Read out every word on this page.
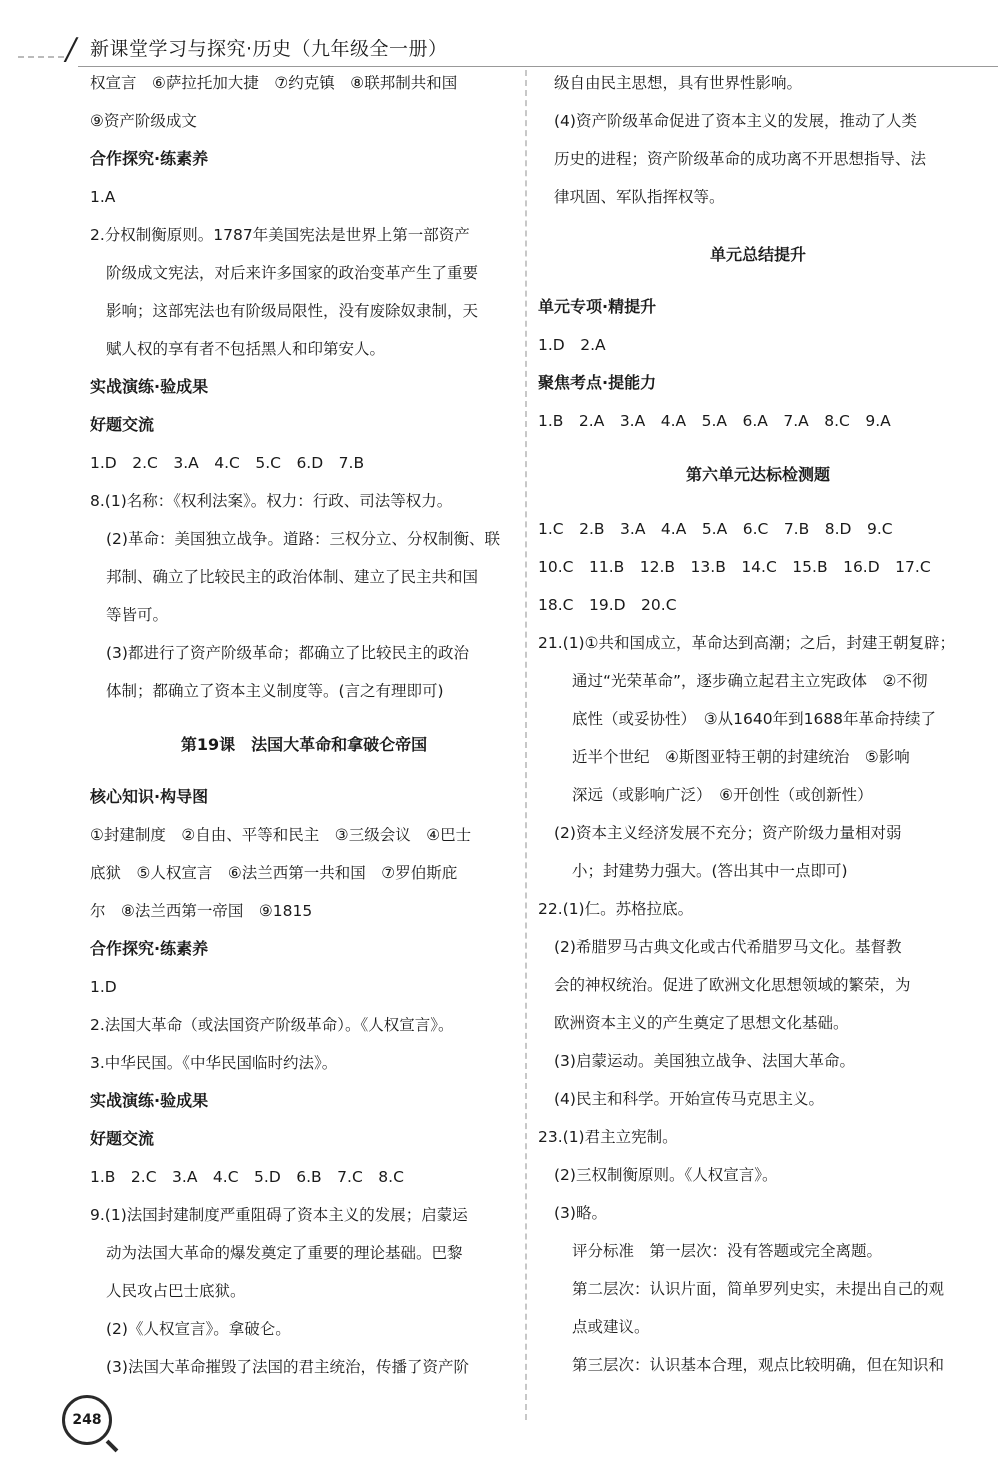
/ 新课堂学习与探究·历史（九年级全一册）
权宣言　⑥萨拉托加大捷　⑦约克镇　⑧联邦制共和国
⑨资产阶级成文
合作探究·练素养
1.A
2.分权制衡原则。1787年美国宪法是世界上第一部资产
阶级成文宪法，对后来许多国家的政治变革产生了重要
影响；这部宪法也有阶级局限性，没有废除奴隶制，天
赋人权的享有者不包括黑人和印第安人。
实战演练·验成果
好题交流
1.D　2.C　3.A　4.C　5.C　6.D　7.B
8.(1)名称：《权利法案》。权力：行政、司法等权力。
(2)革命：美国独立战争。道路：三权分立、分权制衡、联
邦制、确立了比较民主的政治体制、建立了民主共和国
等皆可。
(3)都进行了资产阶级革命；都确立了比较民主的政治
体制；都确立了资本主义制度等。(言之有理即可)
第19课　法国大革命和拿破仑帝国
核心知识·构导图
①封建制度　②自由、平等和民主　③三级会议　④巴士
底狱　⑤人权宣言　⑥法兰西第一共和国　⑦罗伯斯庇
尔　⑧法兰西第一帝国　⑨1815
合作探究·练素养
1.D
2.法国大革命（或法国资产阶级革命）。《人权宣言》。
3.中华民国。《中华民国临时约法》。
实战演练·验成果
好题交流
1.B　2.C　3.A　4.C　5.D　6.B　7.C　8.C
9.(1)法国封建制度严重阻碍了资本主义的发展；启蒙运
动为法国大革命的爆发奠定了重要的理论基础。巴黎
人民攻占巴士底狱。
(2)《人权宣言》。拿破仑。
(3)法国大革命摧毁了法国的君主统治，传播了资产阶
级自由民主思想，具有世界性影响。
(4)资产阶级革命促进了资本主义的发展，推动了人类
历史的进程；资产阶级革命的成功离不开思想指导、法
律巩固、军队指挥权等。
单元总结提升
单元专项·精提升
1.D　2.A
聚焦考点·提能力
1.B　2.A　3.A　4.A　5.A　6.A　7.A　8.C　9.A
第六单元达标检测题
1.C　2.B　3.A　4.A　5.A　6.C　7.B　8.D　9.C
10.C　11.B　12.B　13.B　14.C　15.B　16.D　17.C
18.C　19.D　20.C
21.(1)①共和国成立，革命达到高潮；之后，封建王朝复辟；
通过“光荣革命”，逐步确立起君主立宪政体　②不彻
底性（或妥协性）　③从1640年到1688年革命持续了
近半个世纪　④斯图亚特王朝的封建统治　⑤影响
深远（或影响广泛）　⑥开创性（或创新性）
(2)资本主义经济发展不充分；资产阶级力量相对弱
小；封建势力强大。(答出其中一点即可)
22.(1)仁。苏格拉底。
(2)希腊罗马古典文化或古代希腊罗马文化。基督教
会的神权统治。促进了欧洲文化思想领域的繁荣，为
欧洲资本主义的产生奠定了思想文化基础。
(3)启蒙运动。美国独立战争、法国大革命。
(4)民主和科学。开始宣传马克思主义。
23.(1)君主立宪制。
(2)三权制衡原则。《人权宣言》。
(3)略。
评分标准　第一层次：没有答题或完全离题。
第二层次：认识片面，简单罗列史实，未提出自己的观
点或建议。
第三层次：认识基本合理，观点比较明确，但在知识和
248
